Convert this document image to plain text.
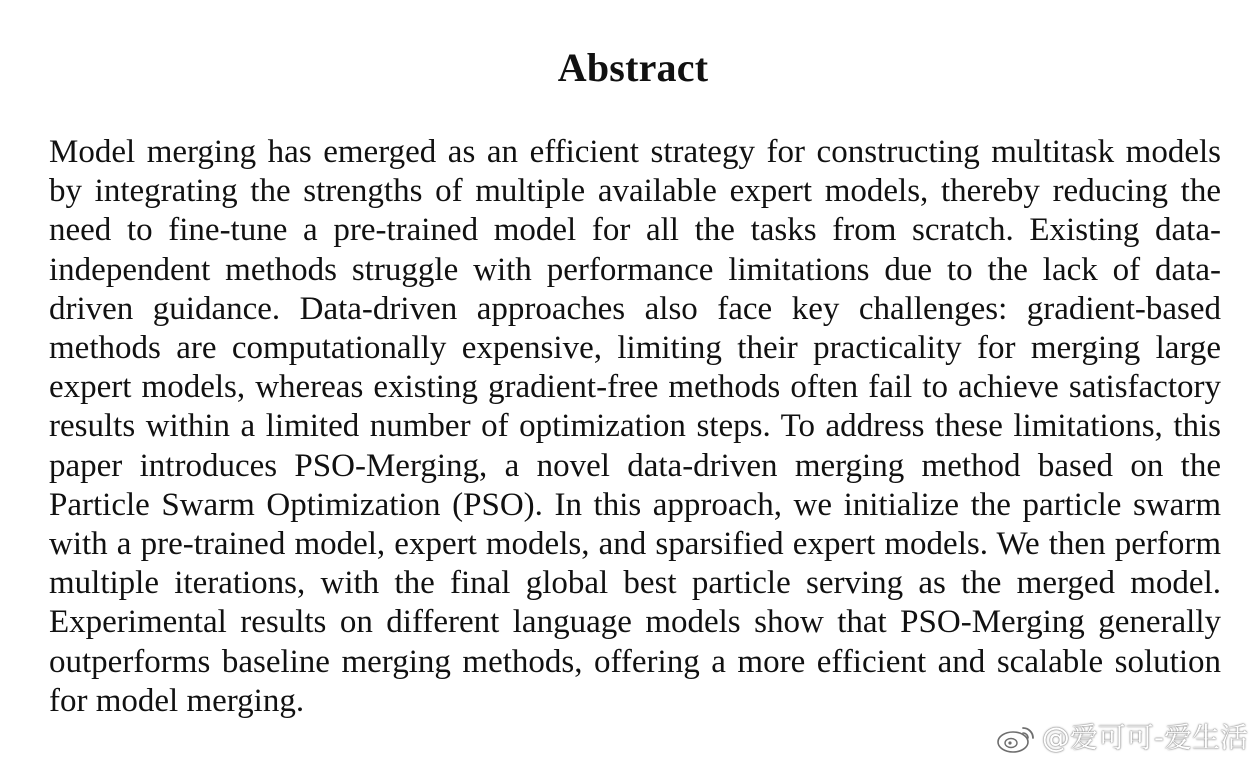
Abstract
Model merging has emerged as an efficient strategy for constructing multitask models by integrating the strengths of multiple available expert models, thereby reducing the need to fine-tune a pre-trained model for all the tasks from scratch. Existing data-independent methods struggle with performance limitations due to the lack of data-driven guidance. Data-driven approaches also face key challenges: gradient-based methods are computationally expensive, limiting their practicality for merging large expert models, whereas existing gradient-free methods often fail to achieve satisfactory results within a limited number of optimization steps. To address these limitations, this paper introduces PSO-Merging, a novel data-driven merging method based on the Particle Swarm Optimization (PSO). In this approach, we initialize the particle swarm with a pre-trained model, expert models, and sparsified expert models. We then perform multiple iterations, with the final global best particle serving as the merged model. Experimental results on different language models show that PSO-Merging generally outperforms baseline merging methods, offering a more efficient and scalable solution for model merging.
@爱可可-爱生活
